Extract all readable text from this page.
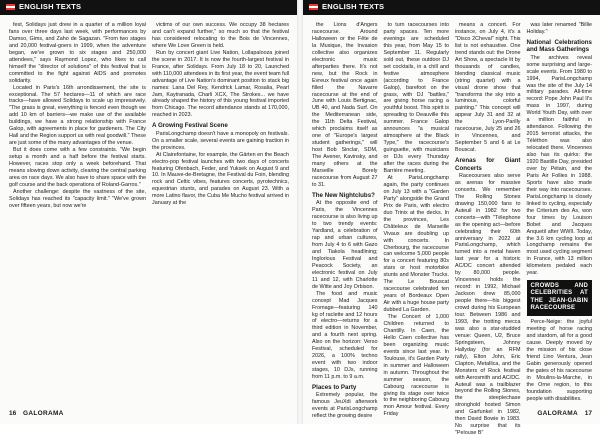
ENGLISH TEXTS

fest, Solidays just drew in a quarter of a million loyal fans over three days last week, with performances by Damso, Gims, and Zaho de Sagazan. "From two stages and 20,000 festival-goers in 1999, when the adventure began, we've grown to six stages and 250,000 attendees," says Raymond Lopez, who likes to call himself the "director of solutions" of this festival that is committed to the fight against AIDS and promotes solidarity.

Located in Paris's 16th arrondissement, the site is exceptional. The 57 hectares—11 of which are race tracks—have allowed Solidays to scale up impressively. "The grass is great, everything is fenced even though we add 10 km of barriers—we make use of the available buildings, we have a strong relationship with France Galop, with agreements in place for gardeners. The City Hall and the Region support us with real goodwill." These are just some of the many advantages of the venue.

But it does come with a few constraints. "We begin setup a month and a half before the festival starts. However, races stop only a week beforehand. That means slowing down activity, clearing the central parking area on race days. We also have to share space with the golf course and the back operations of Roland-Garros."

Another challenge: despite the vastness of the site, Solidays has reached its "capacity limit." "We've grown over fifteen years, but now we're

victims of our own success. We occupy 38 hectares and can't expand further," so much so that the festival has considered relocating to the Bois de Vincennes, where We Love Green is held.

Run by concert giant Live Nation, Lollapalooza joined the scene in 2017. It is now the fourth-largest festival in France, after Solidays. From July 18 to 20, Launched with 110,000 attendees in its first year, the event team full advantage of Live Nation's dominant position to stack big names: Lana Del Rey, Kendrick Lamar, Rosalia, Pearl Jam, Kaytranada, Charli XCX, The Strokes... we have already shaped the history of this young festival imported from Chicago. The record attendance stands at 170,000, reached in 2023.

A Growing Festival Scene

ParisLongchamp doesn't have a monopoly on festivals. On a smaller scale, several events are gaining traction in the provinces.

At Clairefontaine, for example, the Gärten en the Beach electro-pop festival launches with two days of concerts featuring Ofenbach, Feder, and Yuksek on August 9 and 10. In Mauve-de-Bretagne, the Festival du Foin, blending rock and Celtic vibes, features concerts, pyrotechnics, equestrian stunts, and parades on August 23. With a more Latino flavor, the Cuba Me Mucho festival arrived in January at the

16 GALORAMA
ENGLISH TEXTS

the Lions d'Angers racecourse. Around Halloween or the Fête de la Musique, the Invasion collective also organizes electronic music afterparties there. It's not new, but the Rock in Evreux festival once again filled the Navarre racecourse at the end of June with Louis Bertignac, UB 40, and Nada Surf. On the Mediterranean side, the 11th Delta Festival, which proclaims itself as one of "Europe's largest student gatherings," will host Bob Sinclar, SDM, The Avener, Kavinsky, and many others at the Marseille Borely racecourse from August 27 to 31.

The New Nightclubs?

At the opposite end of Paris, the Vincennes racecourse is also living up to two trendy events: Yardland, a celebration of rap and urban cultures, from July 4 to 6 with Gazo and Tiakola headlining; Inglorious Festival and Peacock Society, an electronic festival on July 11 and 12, with Charlotte de Witte and Joy Orbison.

The food and music concept Mad Jacques Fromage—featuring 140 kg of raclette and 12 hours of electro—returns for a third edition in November, and a fourth next spring. Also on the horizon: Verso Festival, scheduled for 2026, a 100% techno event with two indoor stages, 10 DJs, running from 11 p.m. to 9 a.m.

Places to Party

Extremely popular, the famous JeuXdi afterwork events at ParisLongchamp reflect the growing desire

to turn racecourses into party spaces. Ten more evenings are scheduled this year, from May 15 to September 11. Regularly sold out, these outdoor DJ set cocktails, in a chill and festive atmosphere (according to France Galop), barefoot on the grass, with DJ "battles," are giving horse racing a youthful boost. This spirit is spreading to Deauville this summer. France Galop announces "a musical atmosphere at the Black Type," the racecourse's guinguette, with musicians or DJs every Thursday after the races during the Barrière meeting.

At ParisLongchamp again, the party continues on July 13 with a "Garden Party" alongside the Grand Prix de Paris, with electro duo Trinix at the decks. In the provinces, Les Châteleux de Marseille Vivaux are doubling up with concerts. In Cherbourg, the racecourse can welcome 5,000 people for a concert featuring 80s stars or host motorbike stunts and Monster Trucks. The Le Bouscat racecourse celebrated ten years of Bordeaux Open Air with a huge house party dubbed La Garden.

The Concert of 1,000 Children returned to Chantilly. In Caen, the Hello Caen collective has been organizing music events since last year. In Toulouse, it's Garden Party in summer and Halloween in autumn. Throughout the summer season, the Cabourg racecourse is giving its stage over twice to the neighboring Cabourg mon Amour festival. Every Friday

means a concert. For instance, on July 4, it's a "Disco 2Cheval" night. This list is not exhaustive. One trend stands out: the Drone Art Show, a spectacle lit by thousands of candles, blending classical music (string quartet) with a visual drone show that "transforms the sky into a luminous, colorful painting." This concept will appear July 31 and 32 at the Lyon-Parilly racecourse, July 25 and 26 in Vincennes, and September 5 and 6 at Le Bouscat.

Arenas for Giant Concerts

Racecourses also serve as arenas for massive concerts. We remember The Rolling Stones drawing 150,000 fans to Auteuil in 1982 for two concerts—with "Télephone as the opening act—before celebrating their 60th anniversary in 2022 at ParisLongchamp, which turned into a metal haven last year for a historic AC/DC concert attended by 80,000 people. Vincennes holds the record: in 1992, Michael Jackson drew 85,000 people there—his biggest crowd during his European tour. Between 1986 and 1993, the trotting mecca was also a star-studded venue: Queen, U2, Bruce Springsteen, Johnny Hallyday (for an RFM rally), Elton John, Eric Clapton, Metallica, and the Monsters of Rock festival with Aerosmith and AC/DC. Auteuil was a trailblazer beyond the Rolling Stones, the steeplechase stronghold hosted Simon and Garfunkel in 1982, then David Bowie in 1983. No surprise that its "Pelouse B"

was later renamed "Billie Holiday."

National Celebrations and Mass Gatherings

The archives reveal some surprising and large-scale events. From 1980 to 1994, ParisLongchamp was the site of the July 14 military parades. All-time record: Pope John Paul II's mass in 1997, during World Youth Day, with over a million faithful in attendance. Following the 2015 terrorist attacks, the Téléthon was also relocated there. Vincennes also has its quirks: the 1920 Bastille Day, presided over by Pétain, and the Paris Air Follies in 1988. Sports have also made their way into racecourses. ParisLongchamp is closely linked to cycling, especially the Criterium des As, won four times by Louison Bobet and Jacques Anquetil after WWII. Today, the 3.6 km cycling loop at Longchamp remains the most used cycling segment in France, with 13 million kilometers pedaled each year.

CROWDS AND CELEBRITIES AT THE JEAN-GABIN RACECOURSE

Perce-Neige: the joyful meeting of horse racing and stardom, all for a good cause. Deeply moved by the mission of his close friend Lino Ventura, Jean Gabin generously opened the gates of his racecourse in Moulins-la-Marche, in the Orne region, to this foundation supporting people with disabilities.

GALORAMA 17
